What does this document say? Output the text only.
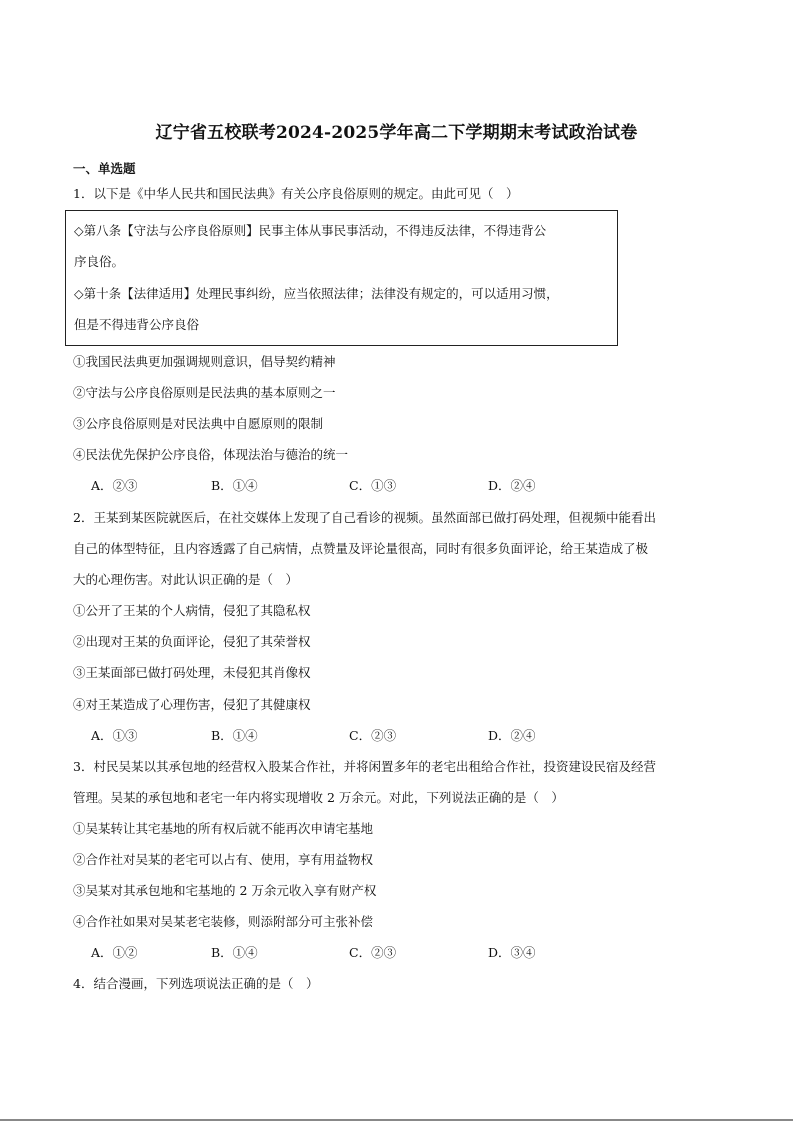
辽宁省五校联考2024-2025学年高二下学期期末考试政治试卷
一、单选题
1．以下是《中华人民共和国民法典》有关公序良俗原则的规定。由此可见（　）
◇第八条【守法与公序良俗原则】民事主体从事民事活动，不得违反法律，不得违背公
序良俗。
◇第十条【法律适用】处理民事纠纷，应当依照法律；法律没有规定的，可以适用习惯，
但是不得违背公序良俗
①我国民法典更加强调规则意识，倡导契约精神
②守法与公序良俗原则是民法典的基本原则之一
③公序良俗原则是对民法典中自愿原则的限制
④民法优先保护公序良俗，体现法治与德治的统一
A．②③	B．①④	C．①③	D．②④
2．王某到某医院就医后，在社交媒体上发现了自己看诊的视频。虽然面部已做打码处理，但视频中能看出
自己的体型特征，且内容透露了自己病情，点赞量及评论量很高，同时有很多负面评论，给王某造成了极
大的心理伤害。对此认识正确的是（　）
①公开了王某的个人病情，侵犯了其隐私权
②出现对王某的负面评论，侵犯了其荣誉权
③王某面部已做打码处理，未侵犯其肖像权
④对王某造成了心理伤害，侵犯了其健康权
A．①③	B．①④	C．②③	D．②④
3．村民吴某以其承包地的经营权入股某合作社，并将闲置多年的老宅出租给合作社，投资建设民宿及经营
管理。吴某的承包地和老宅一年内将实现增收 2 万余元。对此，下列说法正确的是（　）
①吴某转让其宅基地的所有权后就不能再次申请宅基地
②合作社对吴某的老宅可以占有、使用，享有用益物权
③吴某对其承包地和宅基地的 2 万余元收入享有财产权
④合作社如果对吴某老宅装修，则添附部分可主张补偿
A．①②	B．①④	C．②③	D．③④
4．结合漫画，下列选项说法正确的是（　）
